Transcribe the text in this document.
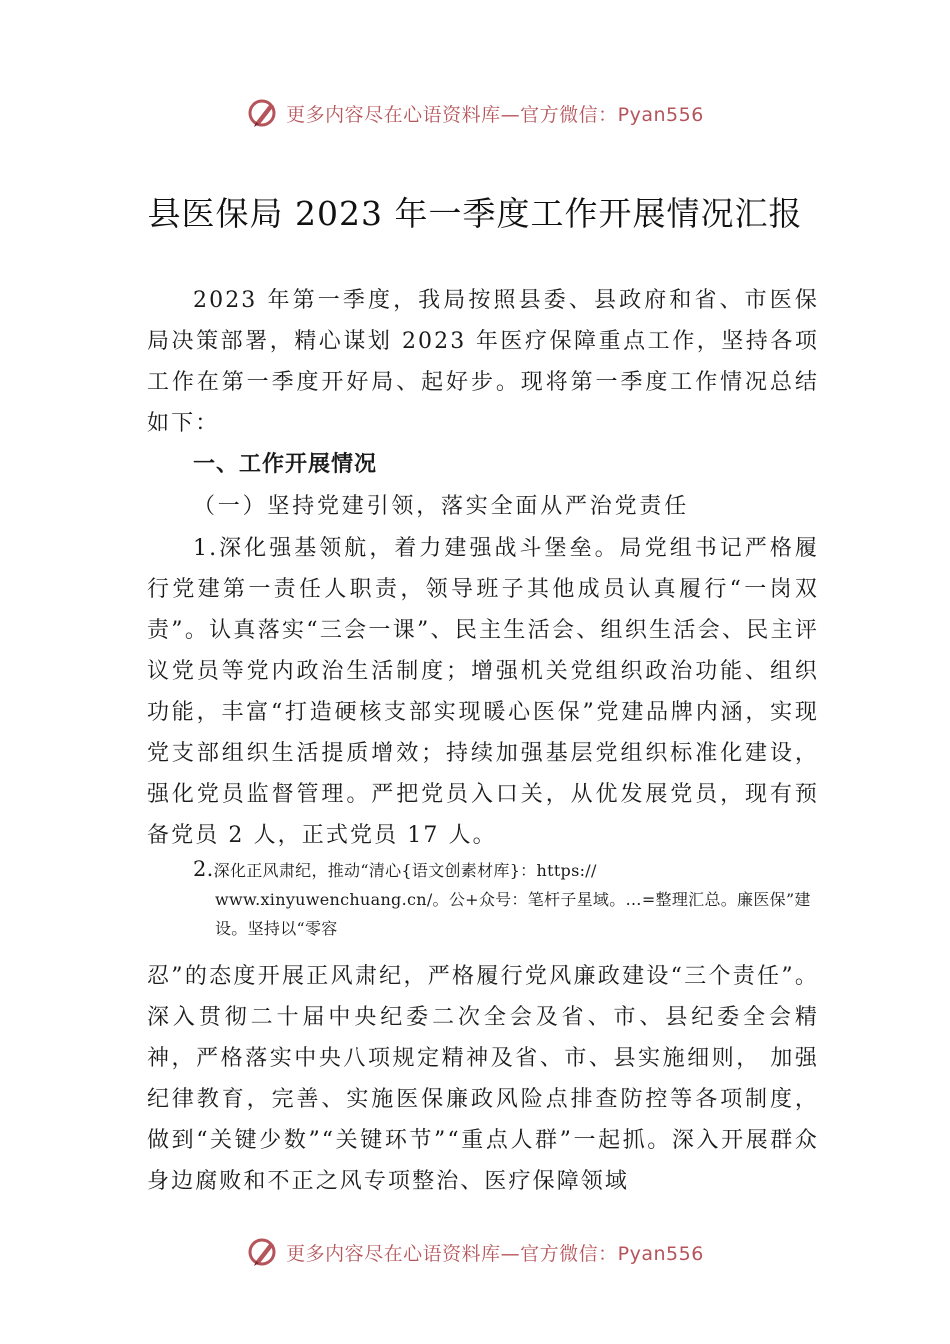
更多内容尽在心语资料库—官方微信：Pyan556
县医保局 2023 年一季度工作开展情况汇报

2023 年第一季度，我局按照县委、县政府和省、市医保局决策部署，精心谋划 2023 年医疗保障重点工作，坚持各项工作在第一季度开好局、起好步。现将第一季度工作情况总结如下：

一、工作开展情况

（一）坚持党建引领，落实全面从严治党责任

1.深化强基领航，着力建强战斗堡垒。局党组书记严格履行党建第一责任人职责，领导班子其他成员认真履行“一岗双责”。认真落实“三会一课”、民主生活会、组织生活会、民主评议党员等党内政治生活制度；增强机关党组织政治功能、组织功能，丰富“打造硬核支部实现暖心医保”党建品牌内涵，实现党支部组织生活提质增效；持续加强基层党组织标准化建设，强化党员监督管理。严把党员入口关，从优发展党员，现有预备党员 2 人，正式党员 17 人。

2.深化正风肃纪，推动“清心{语文创素材库}：https://
www.xinyuwenchuang.cn/。公+众号：笔杆子星域。…=整理汇总。廉医保”建设。坚持以“零容

忍”的态度开展正风肃纪，严格履行党风廉政建设“三个责任”。深入贯彻二十届中央纪委二次全会及省、市、县纪委全会精神，严格落实中央八项规定精神及省、市、县实施细则， 加强纪律教育，完善、实施医保廉政风险点排查防控等各项制度，做到“关键少数”“关键环节”“重点人群”一起抓。深入开展群众身边腐败和不正之风专项整治、医疗保障领域

更多内容尽在心语资料库—官方微信：Pyan556
